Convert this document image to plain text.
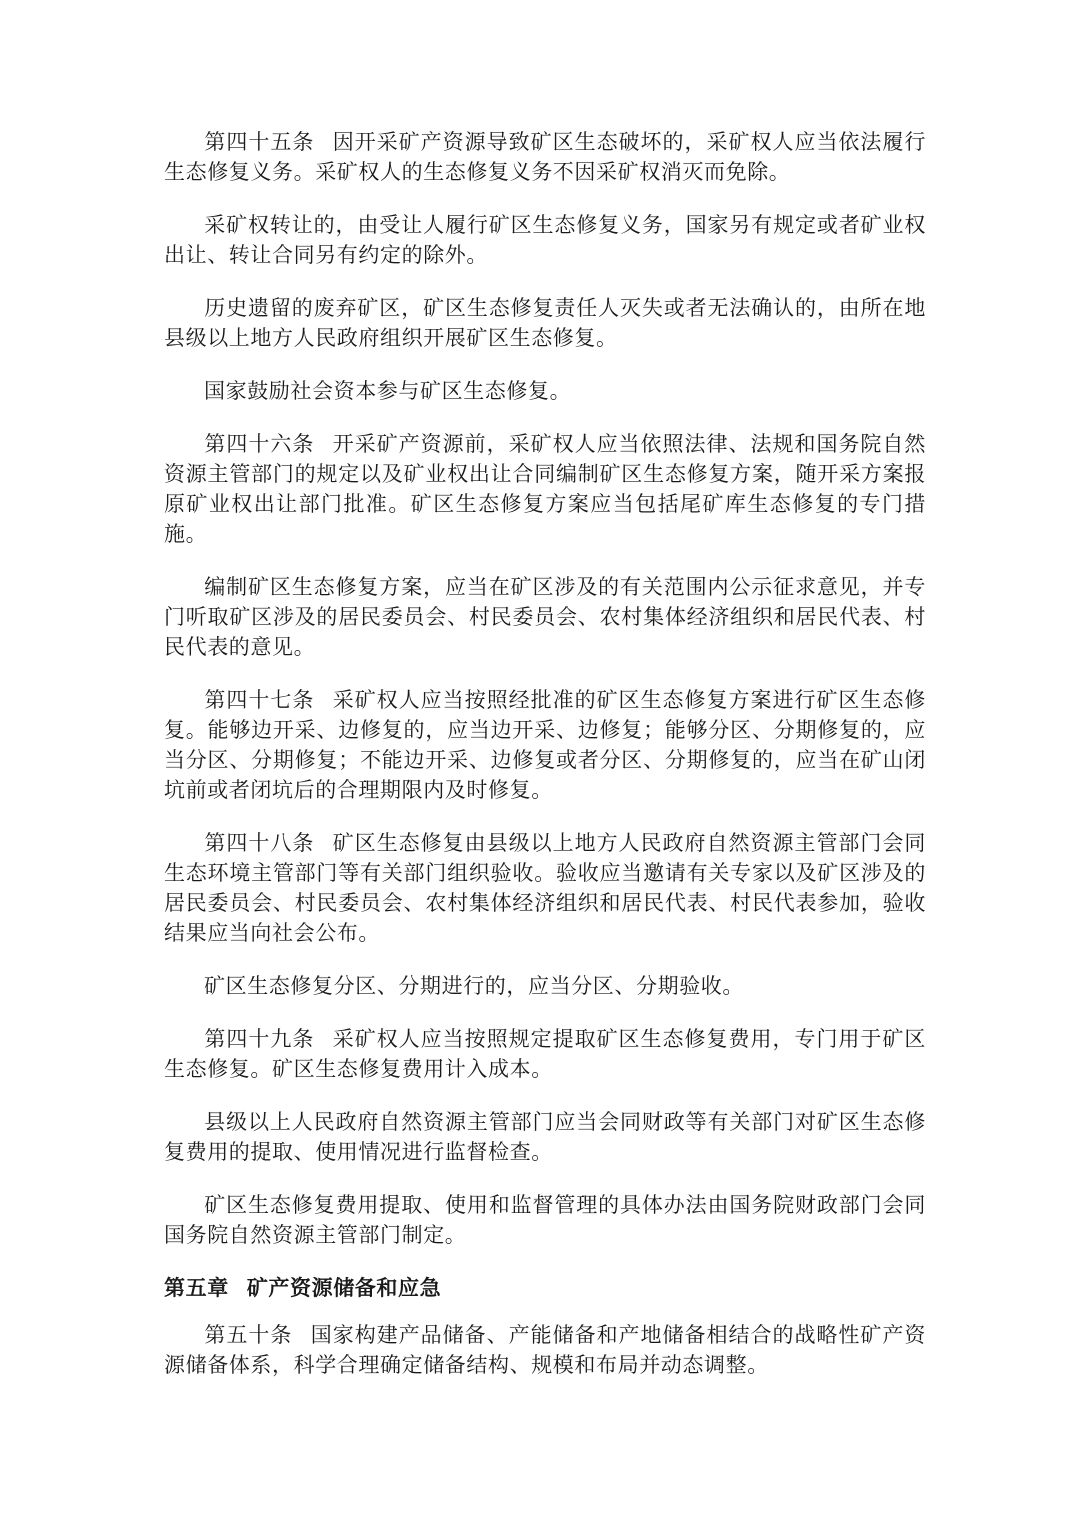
第四十五条 因开采矿产资源导致矿区生态破坏的，采矿权人应当依法履行生态修复义务。采矿权人的生态修复义务不因采矿权消灭而免除。

采矿权转让的，由受让人履行矿区生态修复义务，国家另有规定或者矿业权出让、转让合同另有约定的除外。

历史遗留的废弃矿区，矿区生态修复责任人灭失或者无法确认的，由所在地县级以上地方人民政府组织开展矿区生态修复。

国家鼓励社会资本参与矿区生态修复。

第四十六条 开采矿产资源前，采矿权人应当依照法律、法规和国务院自然资源主管部门的规定以及矿业权出让合同编制矿区生态修复方案，随开采方案报原矿业权出让部门批准。矿区生态修复方案应当包括尾矿库生态修复的专门措施。

编制矿区生态修复方案，应当在矿区涉及的有关范围内公示征求意见，并专门听取矿区涉及的居民委员会、村民委员会、农村集体经济组织和居民代表、村民代表的意见。

第四十七条 采矿权人应当按照经批准的矿区生态修复方案进行矿区生态修复。能够边开采、边修复的，应当边开采、边修复；能够分区、分期修复的，应当分区、分期修复；不能边开采、边修复或者分区、分期修复的，应当在矿山闭坑前或者闭坑后的合理期限内及时修复。

第四十八条 矿区生态修复由县级以上地方人民政府自然资源主管部门会同生态环境主管部门等有关部门组织验收。验收应当邀请有关专家以及矿区涉及的居民委员会、村民委员会、农村集体经济组织和居民代表、村民代表参加，验收结果应当向社会公布。

矿区生态修复分区、分期进行的，应当分区、分期验收。

第四十九条 采矿权人应当按照规定提取矿区生态修复费用，专门用于矿区生态修复。矿区生态修复费用计入成本。

县级以上人民政府自然资源主管部门应当会同财政等有关部门对矿区生态修复费用的提取、使用情况进行监督检查。

矿区生态修复费用提取、使用和监督管理的具体办法由国务院财政部门会同国务院自然资源主管部门制定。

第五章 矿产资源储备和应急

第五十条 国家构建产品储备、产能储备和产地储备相结合的战略性矿产资源储备体系，科学合理确定储备结构、规模和布局并动态调整。
